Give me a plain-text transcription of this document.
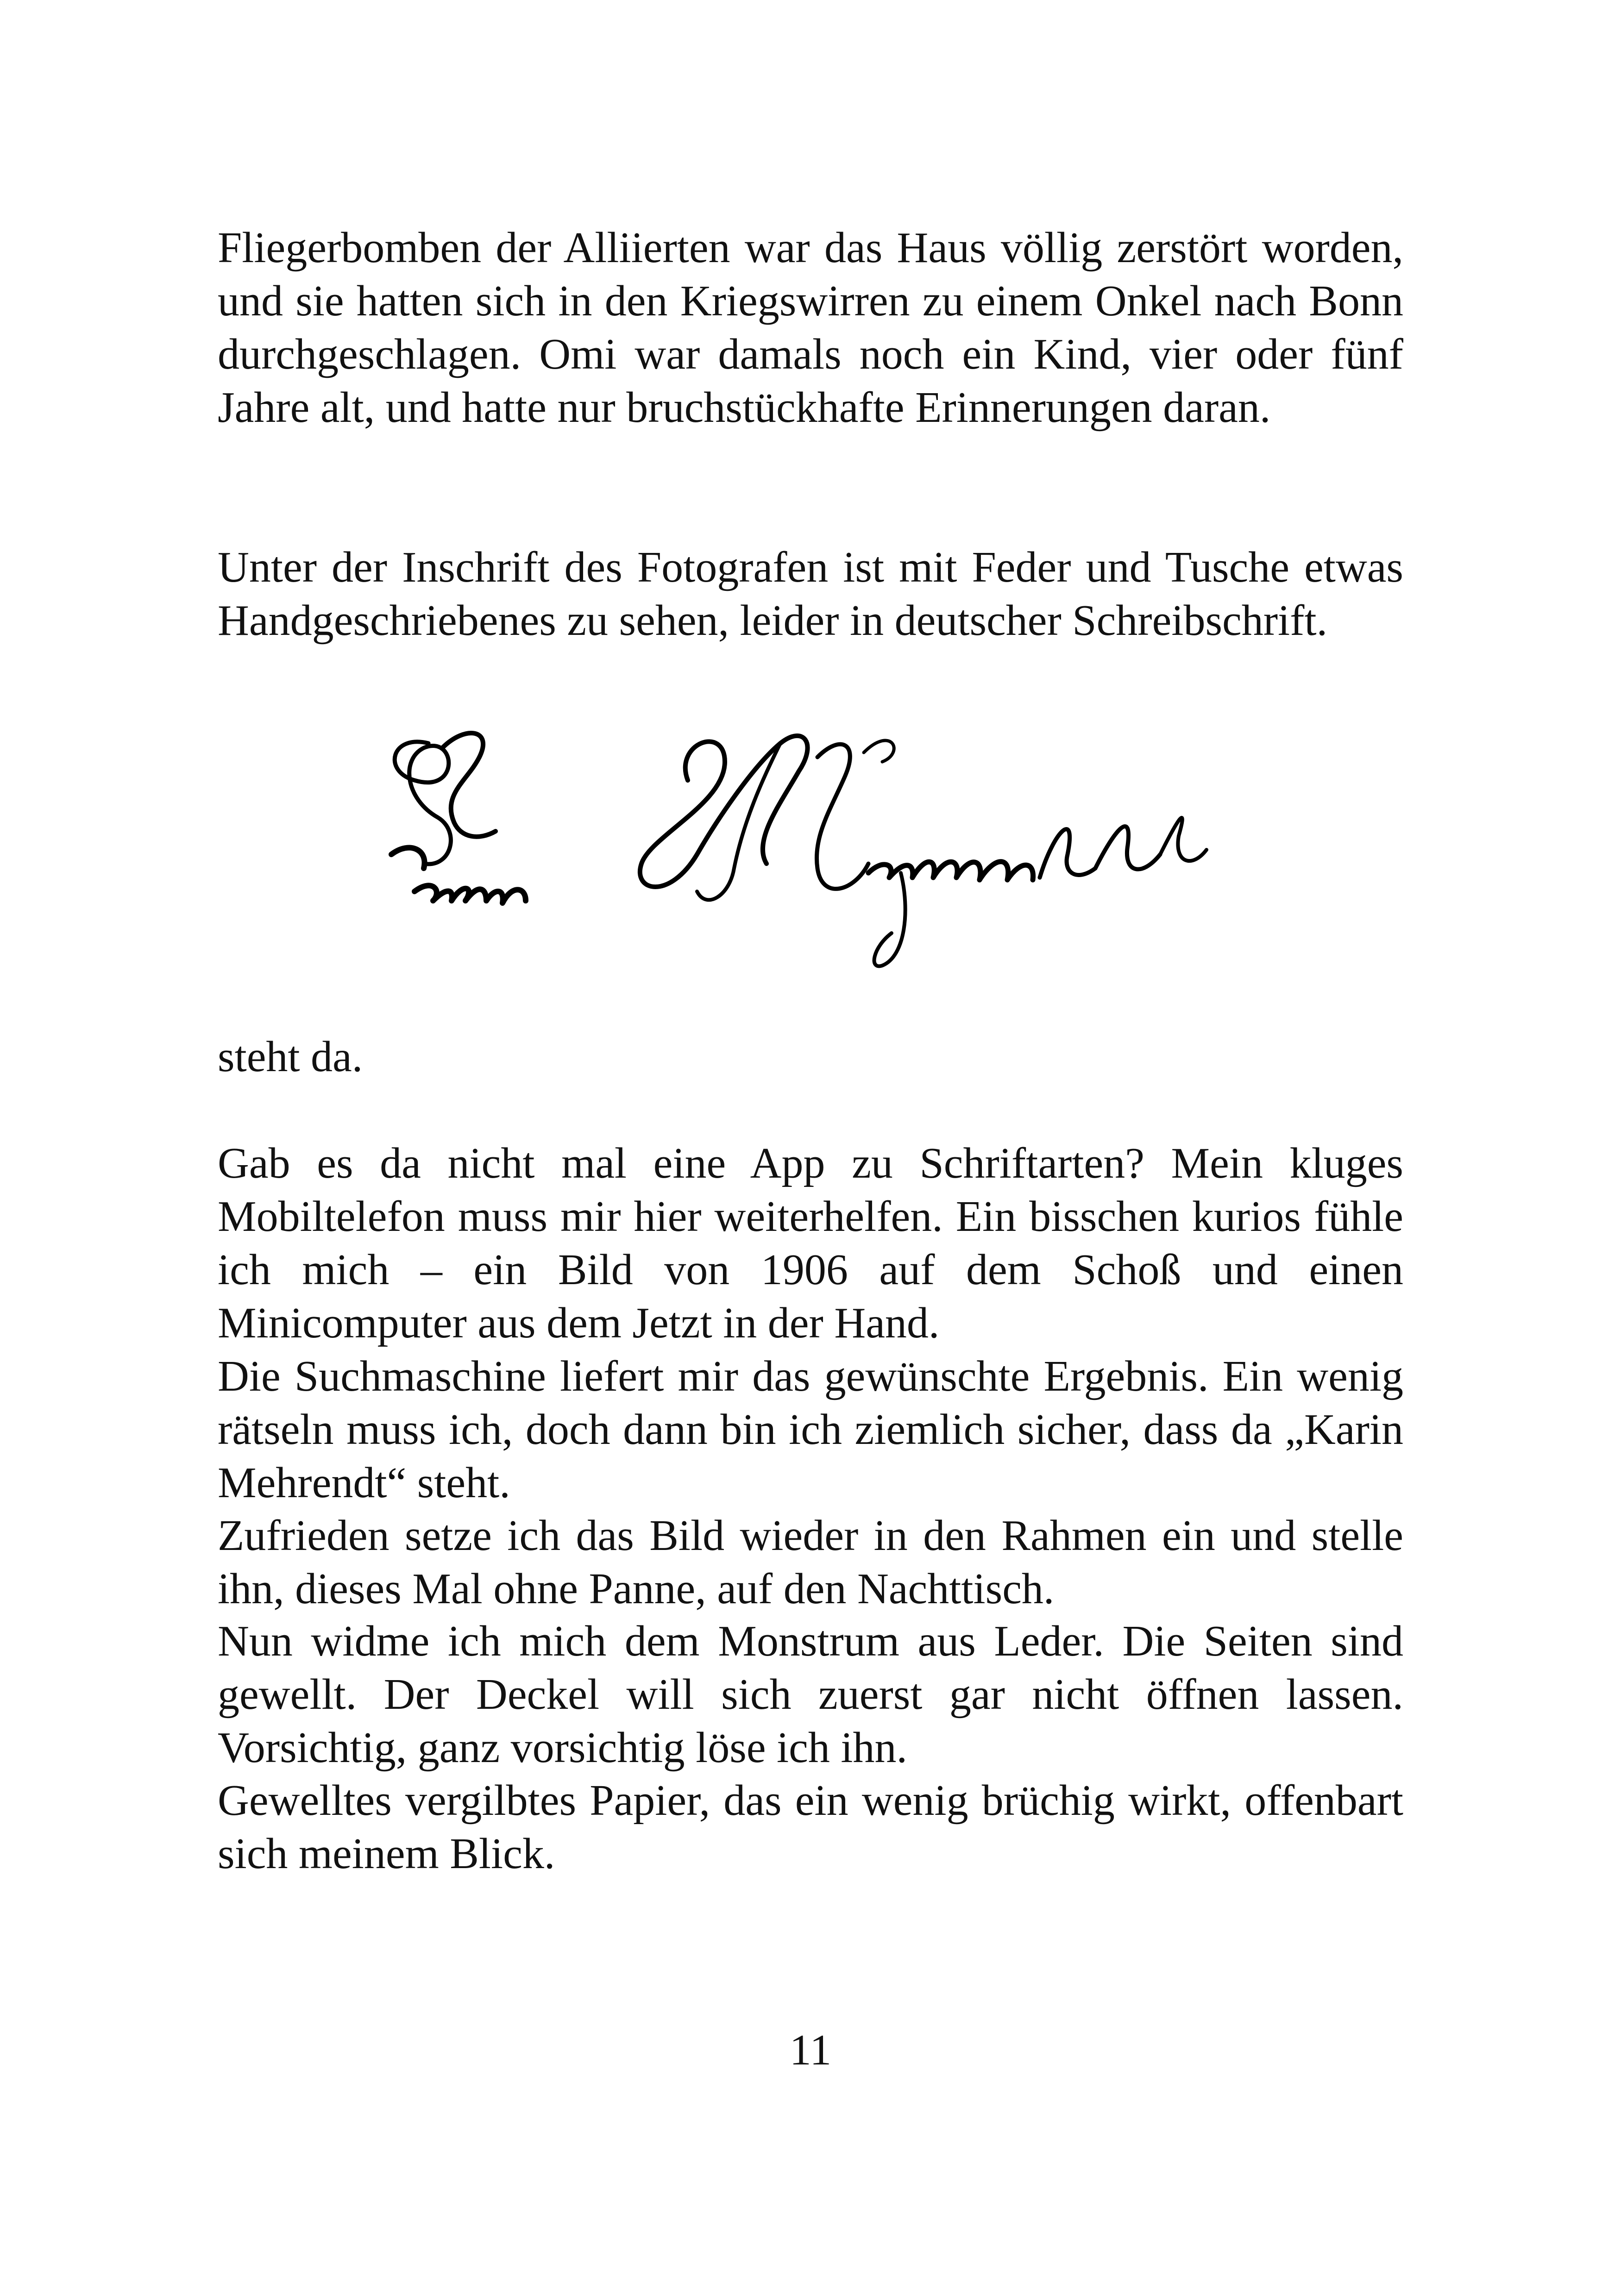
Fliegerbomben der Alliierten war das Haus völlig zerstört worden, und sie hatten sich in den Kriegswirren zu einem Onkel nach Bonn durchgeschlagen. Omi war damals noch ein Kind, vier oder fünf Jahre alt, und hatte nur bruchstückhafte Erinnerungen daran.

Unter der Inschrift des Fotografen ist mit Feder und Tusche etwas Handgeschriebenes zu sehen, leider in deutscher Schreibschrift.

steht da.

Gab es da nicht mal eine App zu Schriftarten? Mein kluges Mobiltelefon muss mir hier weiterhelfen. Ein bisschen kurios fühle ich mich – ein Bild von 1906 auf dem Schoß und einen Minicomputer aus dem Jetzt in der Hand.

Die Suchmaschine liefert mir das gewünschte Ergebnis. Ein wenig rätseln muss ich, doch dann bin ich ziemlich sicher, dass da „Karin Mehrendt“ steht.

Zufrieden setze ich das Bild wieder in den Rahmen ein und stelle ihn, dieses Mal ohne Panne, auf den Nachttisch.

Nun widme ich mich dem Monstrum aus Leder. Die Seiten sind gewellt. Der Deckel will sich zuerst gar nicht öffnen lassen. Vorsichtig, ganz vorsichtig löse ich ihn.

Gewelltes vergilbtes Papier, das ein wenig brüchig wirkt, offenbart sich meinem Blick.

11
